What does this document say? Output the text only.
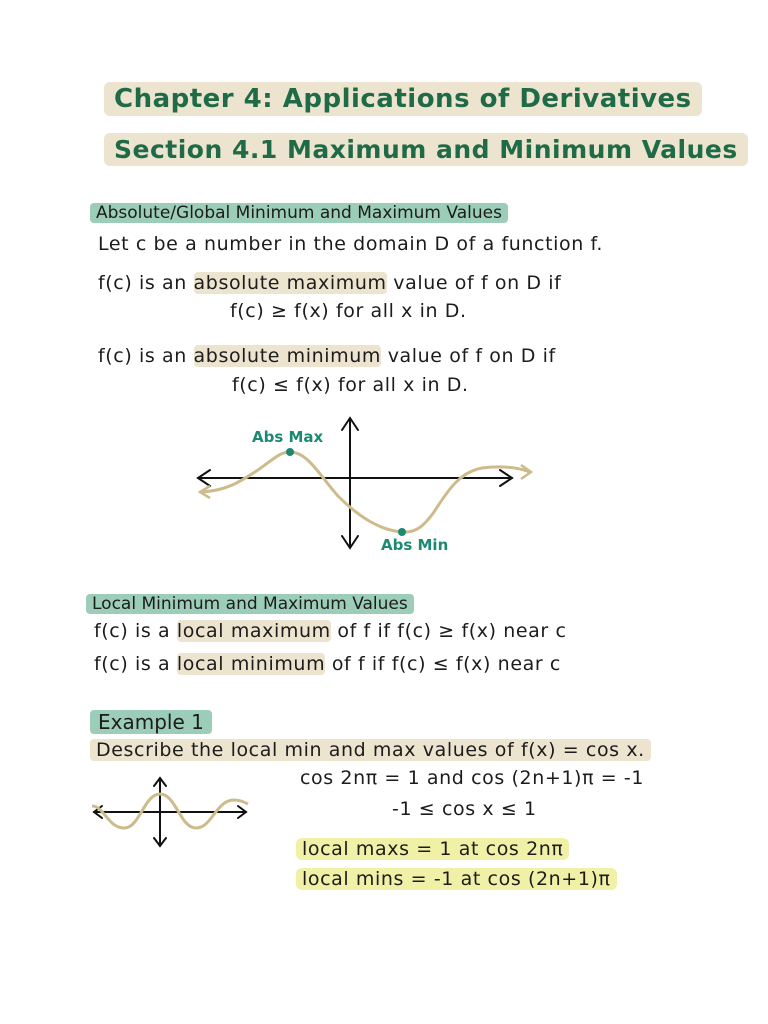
Chapter 4: Applications of Derivatives
Section 4.1 Maximum and Minimum Values
Absolute/Global Minimum and Maximum Values
Let c be a number in the domain D of a function f.
f(c) is an absolute maximum value of f on D if
f(c) ≥ f(x) for all x in D.
f(c) is an absolute minimum value of f on D if
f(c) ≤ f(x) for all x in D.
Abs Max
Abs Min
Local Minimum and Maximum Values
f(c) is a local maximum of f if f(c) ≥ f(x) near c
f(c) is a local minimum of f if f(c) ≤ f(x) near c
Example 1
Describe the local min and max values of f(x) = cos x.
cos 2nπ = 1 and cos (2n+1)π = -1
-1 ≤ cos x ≤ 1
local maxs = 1 at cos 2nπ
local mins = -1 at cos (2n+1)π
